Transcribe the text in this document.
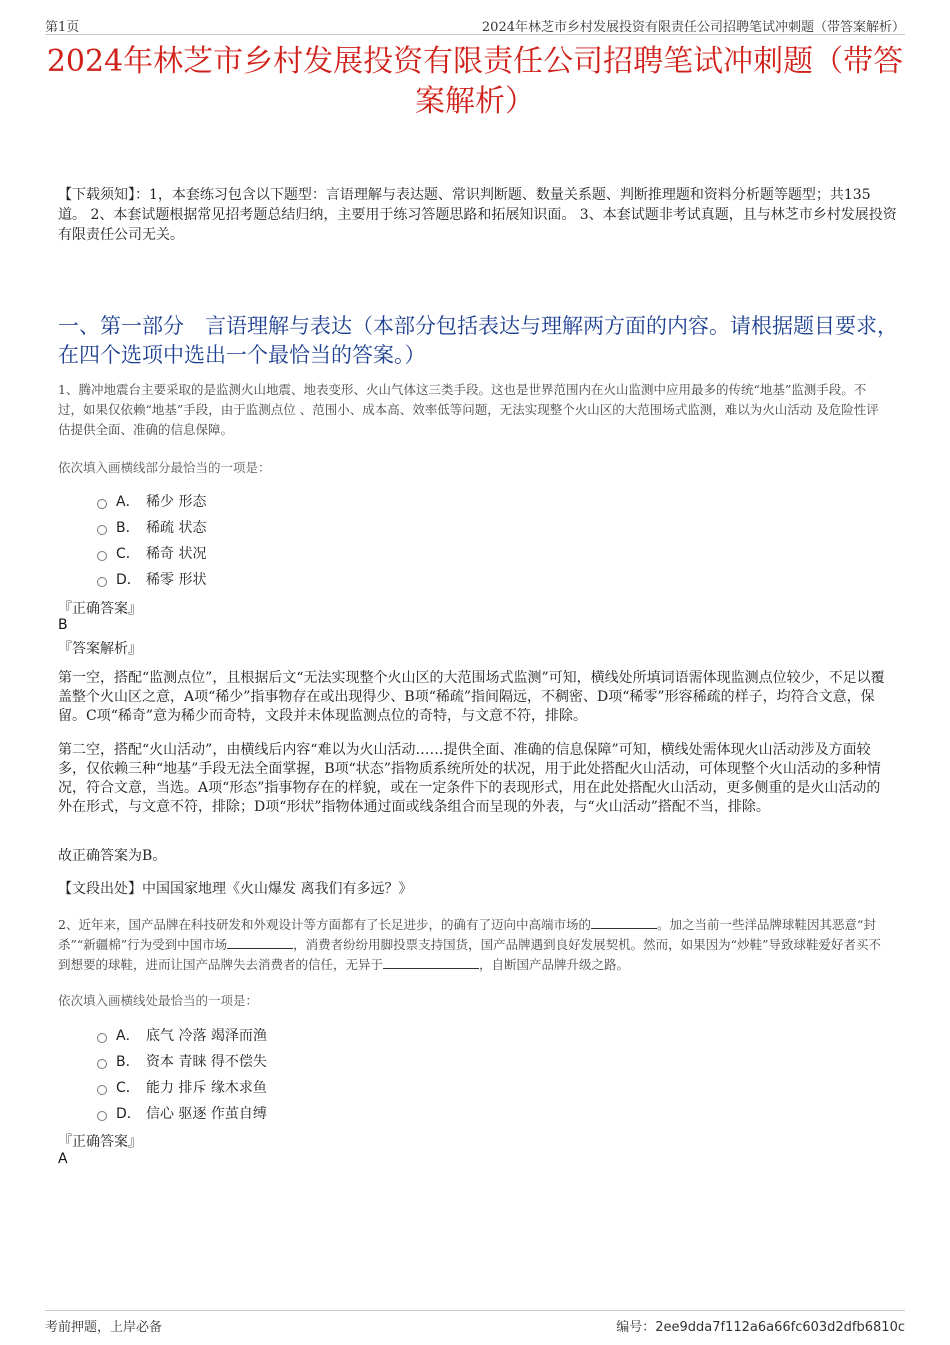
第1页	2024年林芝市乡村发展投资有限责任公司招聘笔试冲刺题（带答案解析）
2024年林芝市乡村发展投资有限责任公司招聘笔试冲刺题（带答案解析）
【下载须知】：1，本套练习包含以下题型：言语理解与表达题、常识判断题、数量关系题、判断推理题和资料分析题等题型；共135道。 2、本套试题根据常见招考题总结归纳，主要用于练习答题思路和拓展知识面。 3、本套试题非考试真题，且与林芝市乡村发展投资有限责任公司无关。
一、第一部分　言语理解与表达（本部分包括表达与理解两方面的内容。请根据题目要求，在四个选项中选出一个最恰当的答案。）
1、腾冲地震台主要采取的是监测火山地震、地表变形、火山气体这三类手段。这也是世界范围内在火山监测中应用最多的传统“地基”监测手段。不过，如果仅依赖“地基”手段，由于监测点位 、范围小、成本高、效率低等问题，无法实现整个火山区的大范围场式监测，难以为火山活动 及危险性评估提供全面、准确的信息保障。
依次填入画横线部分最恰当的一项是：
A． 稀少 形态
B． 稀疏 状态
C． 稀奇 状况
D． 稀零 形状
『正确答案』
B
『答案解析』
第一空，搭配“监测点位”，且根据后文“无法实现整个火山区的大范围场式监测”可知，横线处所填词语需体现监测点位较少，不足以覆盖整个火山区之意，A项“稀少”指事物存在或出现得少、B项“稀疏”指间隔远，不稠密、D项“稀零”形容稀疏的样子，均符合文意，保留。C项“稀奇”意为稀少而奇特，文段并未体现监测点位的奇特，与文意不符，排除。
第二空，搭配“火山活动”，由横线后内容“难以为火山活动……提供全面、准确的信息保障”可知，横线处需体现火山活动涉及方面较多，仅依赖三种“地基”手段无法全面掌握，B项“状态”指物质系统所处的状况，用于此处搭配火山活动，可体现整个火山活动的多种情况，符合文意，当选。A项“形态”指事物存在的样貌，或在一定条件下的表现形式，用在此处搭配火山活动，更多侧重的是火山活动的外在形式，与文意不符，排除；D项“形状”指物体通过面或线条组合而呈现的外表，与“火山活动”搭配不当，排除。
故正确答案为B。
【文段出处】中国国家地理《火山爆发 离我们有多远？》
2、近年来，国产品牌在科技研发和外观设计等方面都有了长足进步，的确有了迈向中高端市场的	。加之当前一些洋品牌球鞋因其恶意“封杀”“新疆棉”行为受到中国市场	，消费者纷纷用脚投票支持国货，国产品牌遇到良好发展契机。然而，如果因为“炒鞋”导致球鞋爱好者买不到想要的球鞋，进而让国产品牌失去消费者的信任，无异于	，自断国产品牌升级之路。
依次填入画横线处最恰当的一项是：
A． 底气 冷落 竭泽而渔
B． 资本 青睐 得不偿失
C． 能力 排斥 缘木求鱼
D． 信心 驱逐 作茧自缚
『正确答案』
A
考前押题，上岸必备	编号：2ee9dda7f112a6a66fc603d2dfb6810c
